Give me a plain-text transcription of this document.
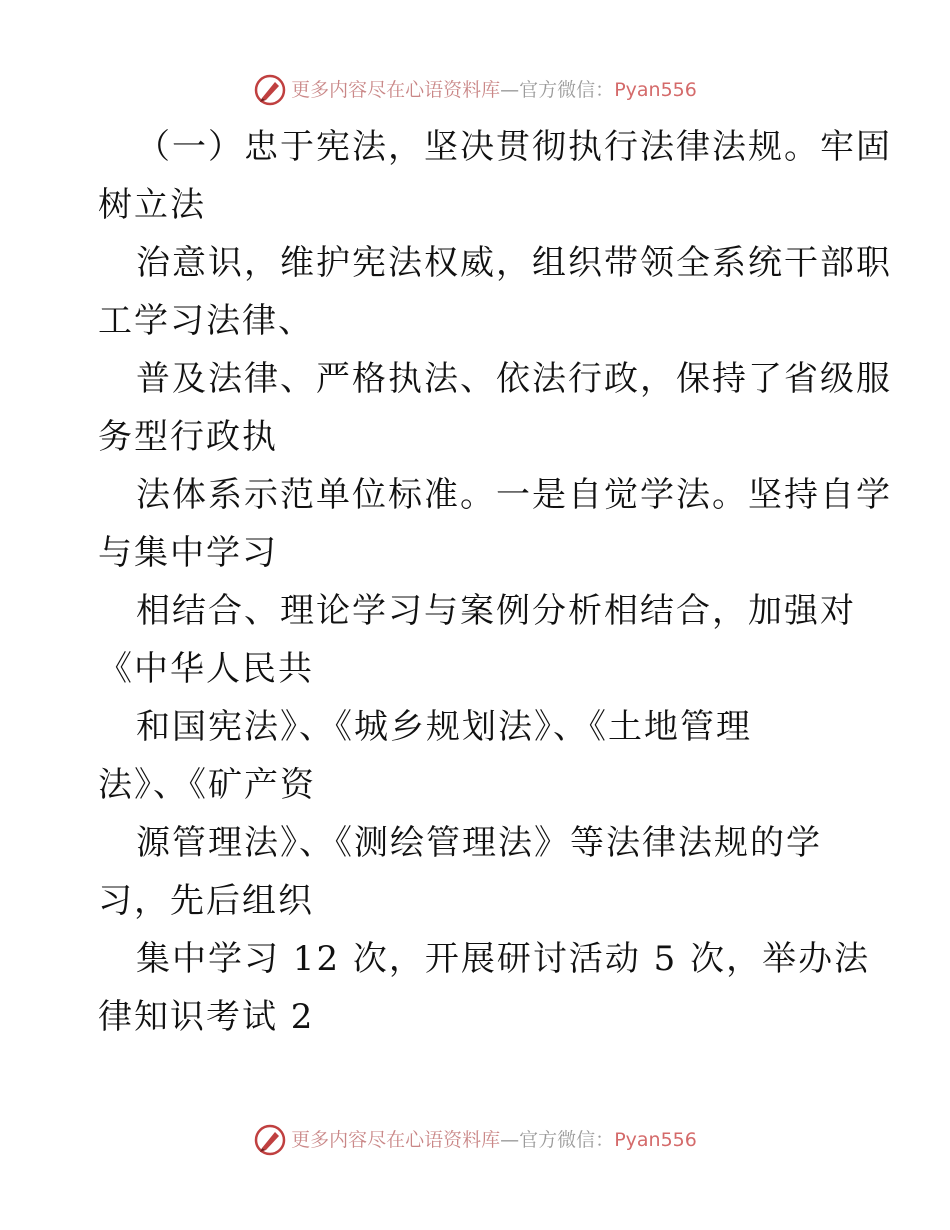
更多内容尽在心语资料库—官方微信：Pyan556
（一）忠于宪法，坚决贯彻执行法律法规。牢固
树立法
治意识，维护宪法权威，组织带领全系统干部职
工学习法律、
普及法律、严格执法、依法行政，保持了省级服
务型行政执
法体系示范单位标准。一是自觉学法。坚持自学
与集中学习
相结合、理论学习与案例分析相结合，加强对
《中华人民共
和国宪法》、《城乡规划法》、《土地管理
法》、《矿产资
源管理法》、《测绘管理法》等法律法规的学
习，先后组织
集中学习 12 次，开展研讨活动 5 次，举办法
律知识考试 2
更多内容尽在心语资料库—官方微信：Pyan556
